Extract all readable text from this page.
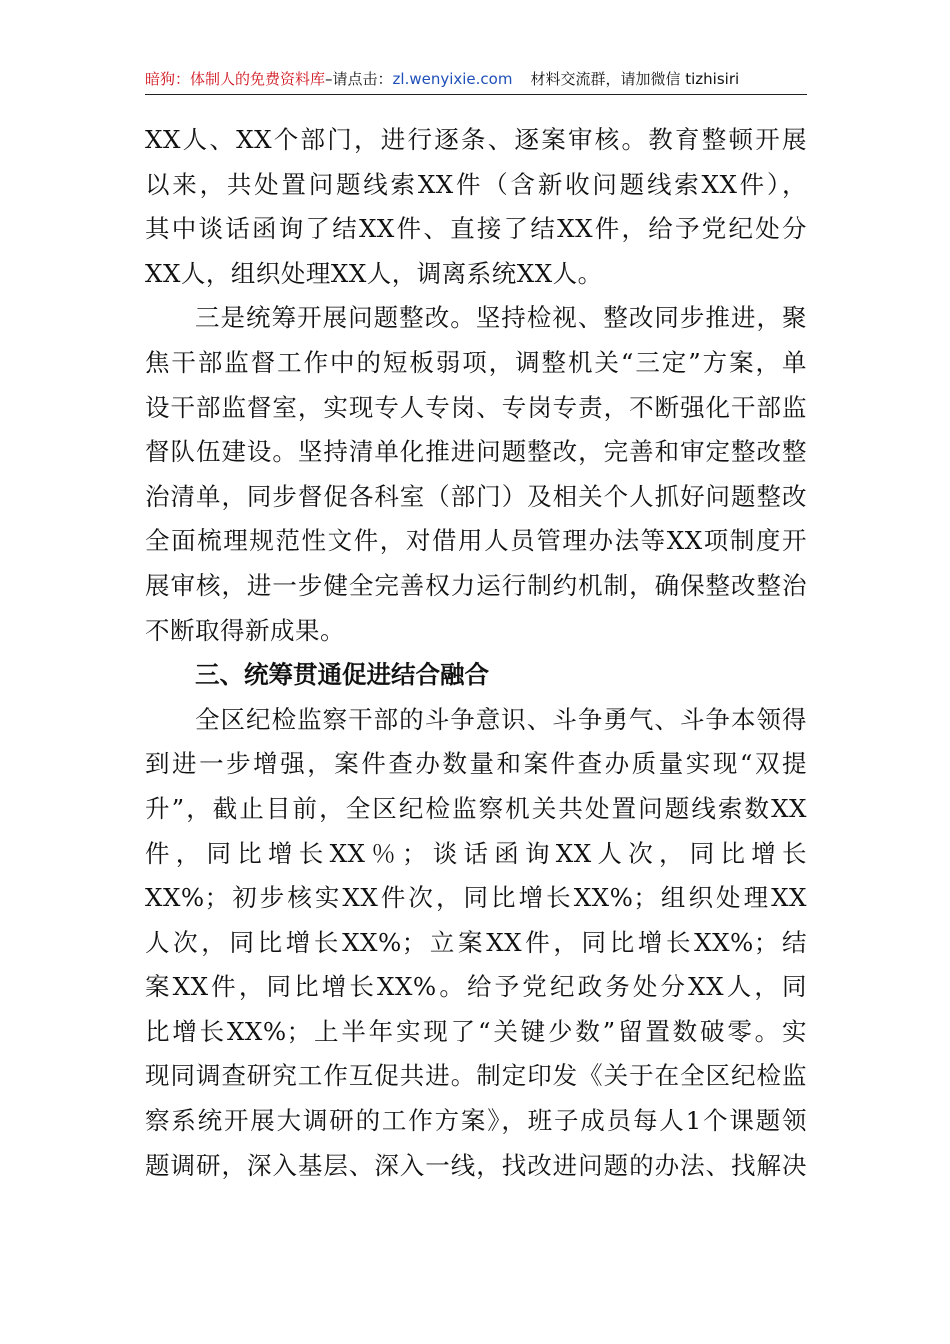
暗狗：体制人的免费资料库–请点击：zl.wenyixie.com 材料交流群，请加微信 tizhisiri
XX人、XX个部门，进行逐条、逐案审核。教育整顿开展
以来，共处置问题线索XX件（含新收问题线索XX件），
其中谈话函询了结XX件、直接了结XX件，给予党纪处分
XX人，组织处理XX人，调离系统XX人。
三是统筹开展问题整改。坚持检视、整改同步推进，聚
焦干部监督工作中的短板弱项，调整机关“三定”方案，单
设干部监督室，实现专人专岗、专岗专责，不断强化干部监
督队伍建设。坚持清单化推进问题整改，完善和审定整改整
治清单，同步督促各科室（部门）及相关个人抓好问题整改
全面梳理规范性文件，对借用人员管理办法等XX项制度开
展审核，进一步健全完善权力运行制约机制，确保整改整治
不断取得新成果。
三、统筹贯通促进结合融合
全区纪检监察干部的斗争意识、斗争勇气、斗争本领得
到进一步增强，案件查办数量和案件查办质量实现“双提
升”，截止目前，全区纪检监察机关共处置问题线索数XX
件，同比增长XX％；谈话函询XX人次，同比增长
XX%；初步核实XX件次，同比增长XX%；组织处理XX
人次，同比增长XX%；立案XX件，同比增长XX%；结
案XX件，同比增长XX%。给予党纪政务处分XX人，同
比增长XX%；上半年实现了“关键少数”留置数破零。实
现同调查研究工作互促共进。制定印发《关于在全区纪检监
察系统开展大调研的工作方案》，班子成员每人1个课题领
题调研，深入基层、深入一线，找改进问题的办法、找解决
